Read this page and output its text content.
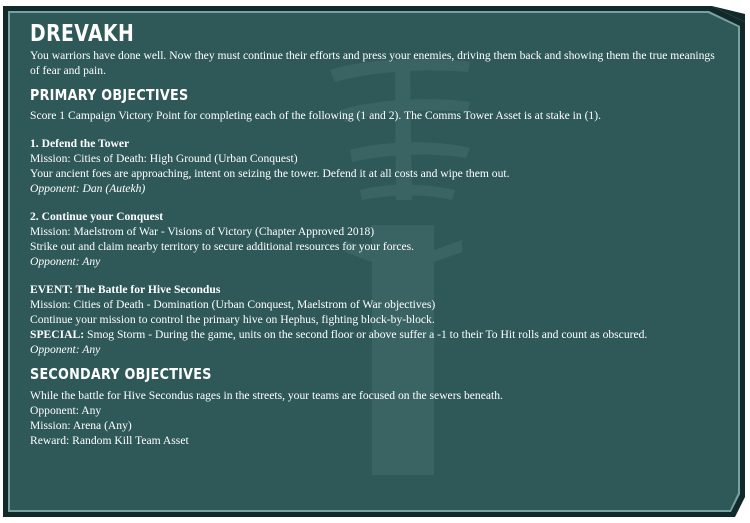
DREVAKH

You warriors have done well. Now they must continue their efforts and press your enemies, driving them back and showing them the true meanings of fear and pain.

PRIMARY OBJECTIVES

Score 1 Campaign Victory Point for completing each of the following (1 and 2). The Comms Tower Asset is at stake in (1).

1. Defend the Tower

Mission: Cities of Death: High Ground (Urban Conquest)

Your ancient foes are approaching, intent on seizing the tower. Defend it at all costs and wipe them out.

Opponent: Dan (Autekh)

2. Continue your Conquest

Mission: Maelstrom of War - Visions of Victory (Chapter Approved 2018)

Strike out and claim nearby territory to secure additional resources for your forces.

Opponent: Any

EVENT: The Battle for Hive Secondus

Mission: Cities of Death - Domination (Urban Conquest, Maelstrom of War objectives)

Continue your mission to control the primary hive on Hephus, fighting block-by-block.

SPECIAL: Smog Storm - During the game, units on the second floor or above suffer a -1 to their To Hit rolls and count as obscured.

Opponent: Any

SECONDARY OBJECTIVES

While the battle for Hive Secondus rages in the streets, your teams are focused on the sewers beneath.

Opponent: Any

Mission: Arena (Any)

Reward: Random Kill Team Asset
